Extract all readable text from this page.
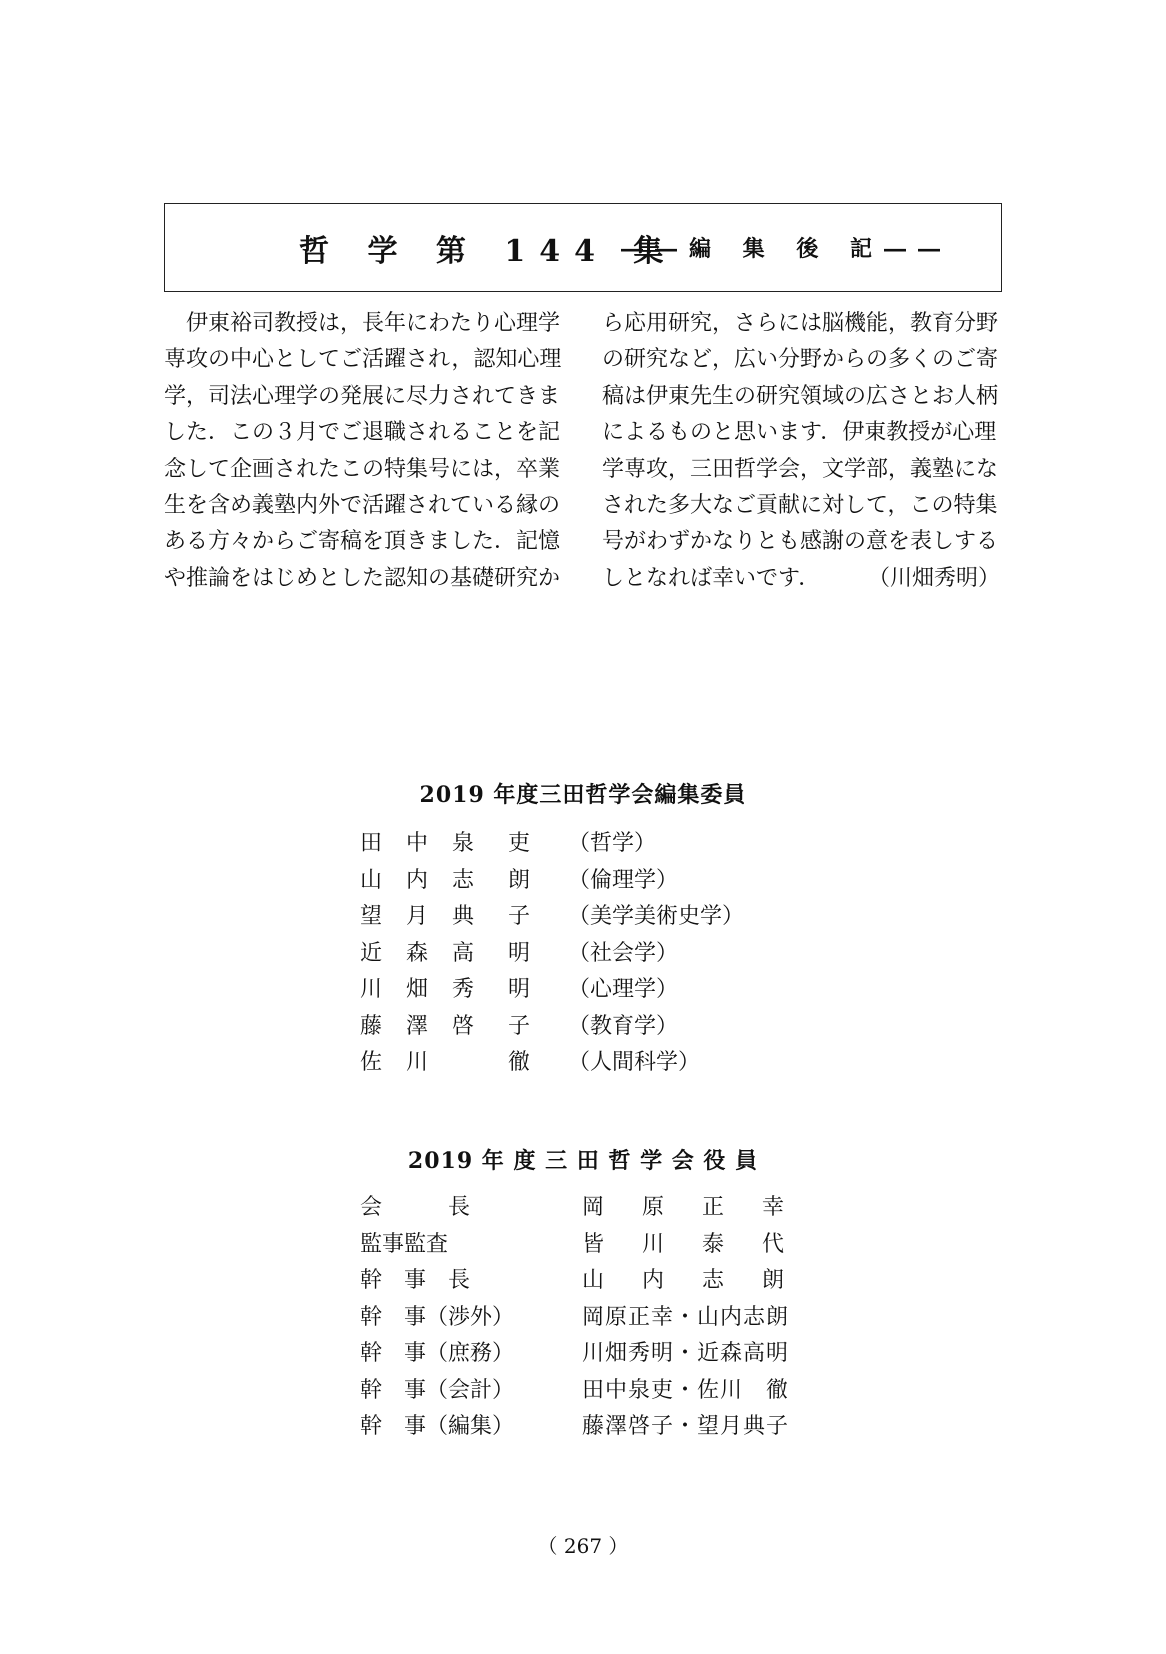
哲 学 第 144 集
――編 集 後 記――
　伊東裕司教授は，長年にわたり心理学
専攻の中心としてご活躍され，認知心理
学，司法心理学の発展に尽力されてきま
した．この３月でご退職されることを記
念して企画されたこの特集号には，卒業
生を含め義塾内外で活躍されている縁の
ある方々からご寄稿を頂きました．記憶
や推論をはじめとした認知の基礎研究か
ら応用研究，さらには脳機能，教育分野
の研究など，広い分野からの多くのご寄
稿は伊東先生の研究領域の広さとお人柄
によるものと思います．伊東教授が心理
学専攻，三田哲学会，文学部，義塾にな
された多大なご貢献に対して，この特集
号がわずかなりとも感謝の意を表しする
しとなれば幸いです． （川畑秀明）
2019 年度三田哲学会編集委員
田 中 泉 吏 （哲学）
山 内 志 朗 （倫理学）
望 月 典 子 （美学美術史学）
近 森 高 明 （社会学）
川 畑 秀 明 （心理学）
藤 澤 啓 子 （教育学）
佐 川	徹 （人間科学）
2019 年 度 三 田 哲 学 会 役 員
会　　　長	岡 原 正 幸
監事監査	皆 川 泰 代
幹　事　長	山 内 志 朗
幹　事（渉外）	岡原正幸・山内志朗
幹　事（庶務）	川畑秀明・近森高明
幹　事（会計）	田中泉吏・佐川　徹
幹　事（編集）	藤澤啓子・望月典子
（ 267 ）
